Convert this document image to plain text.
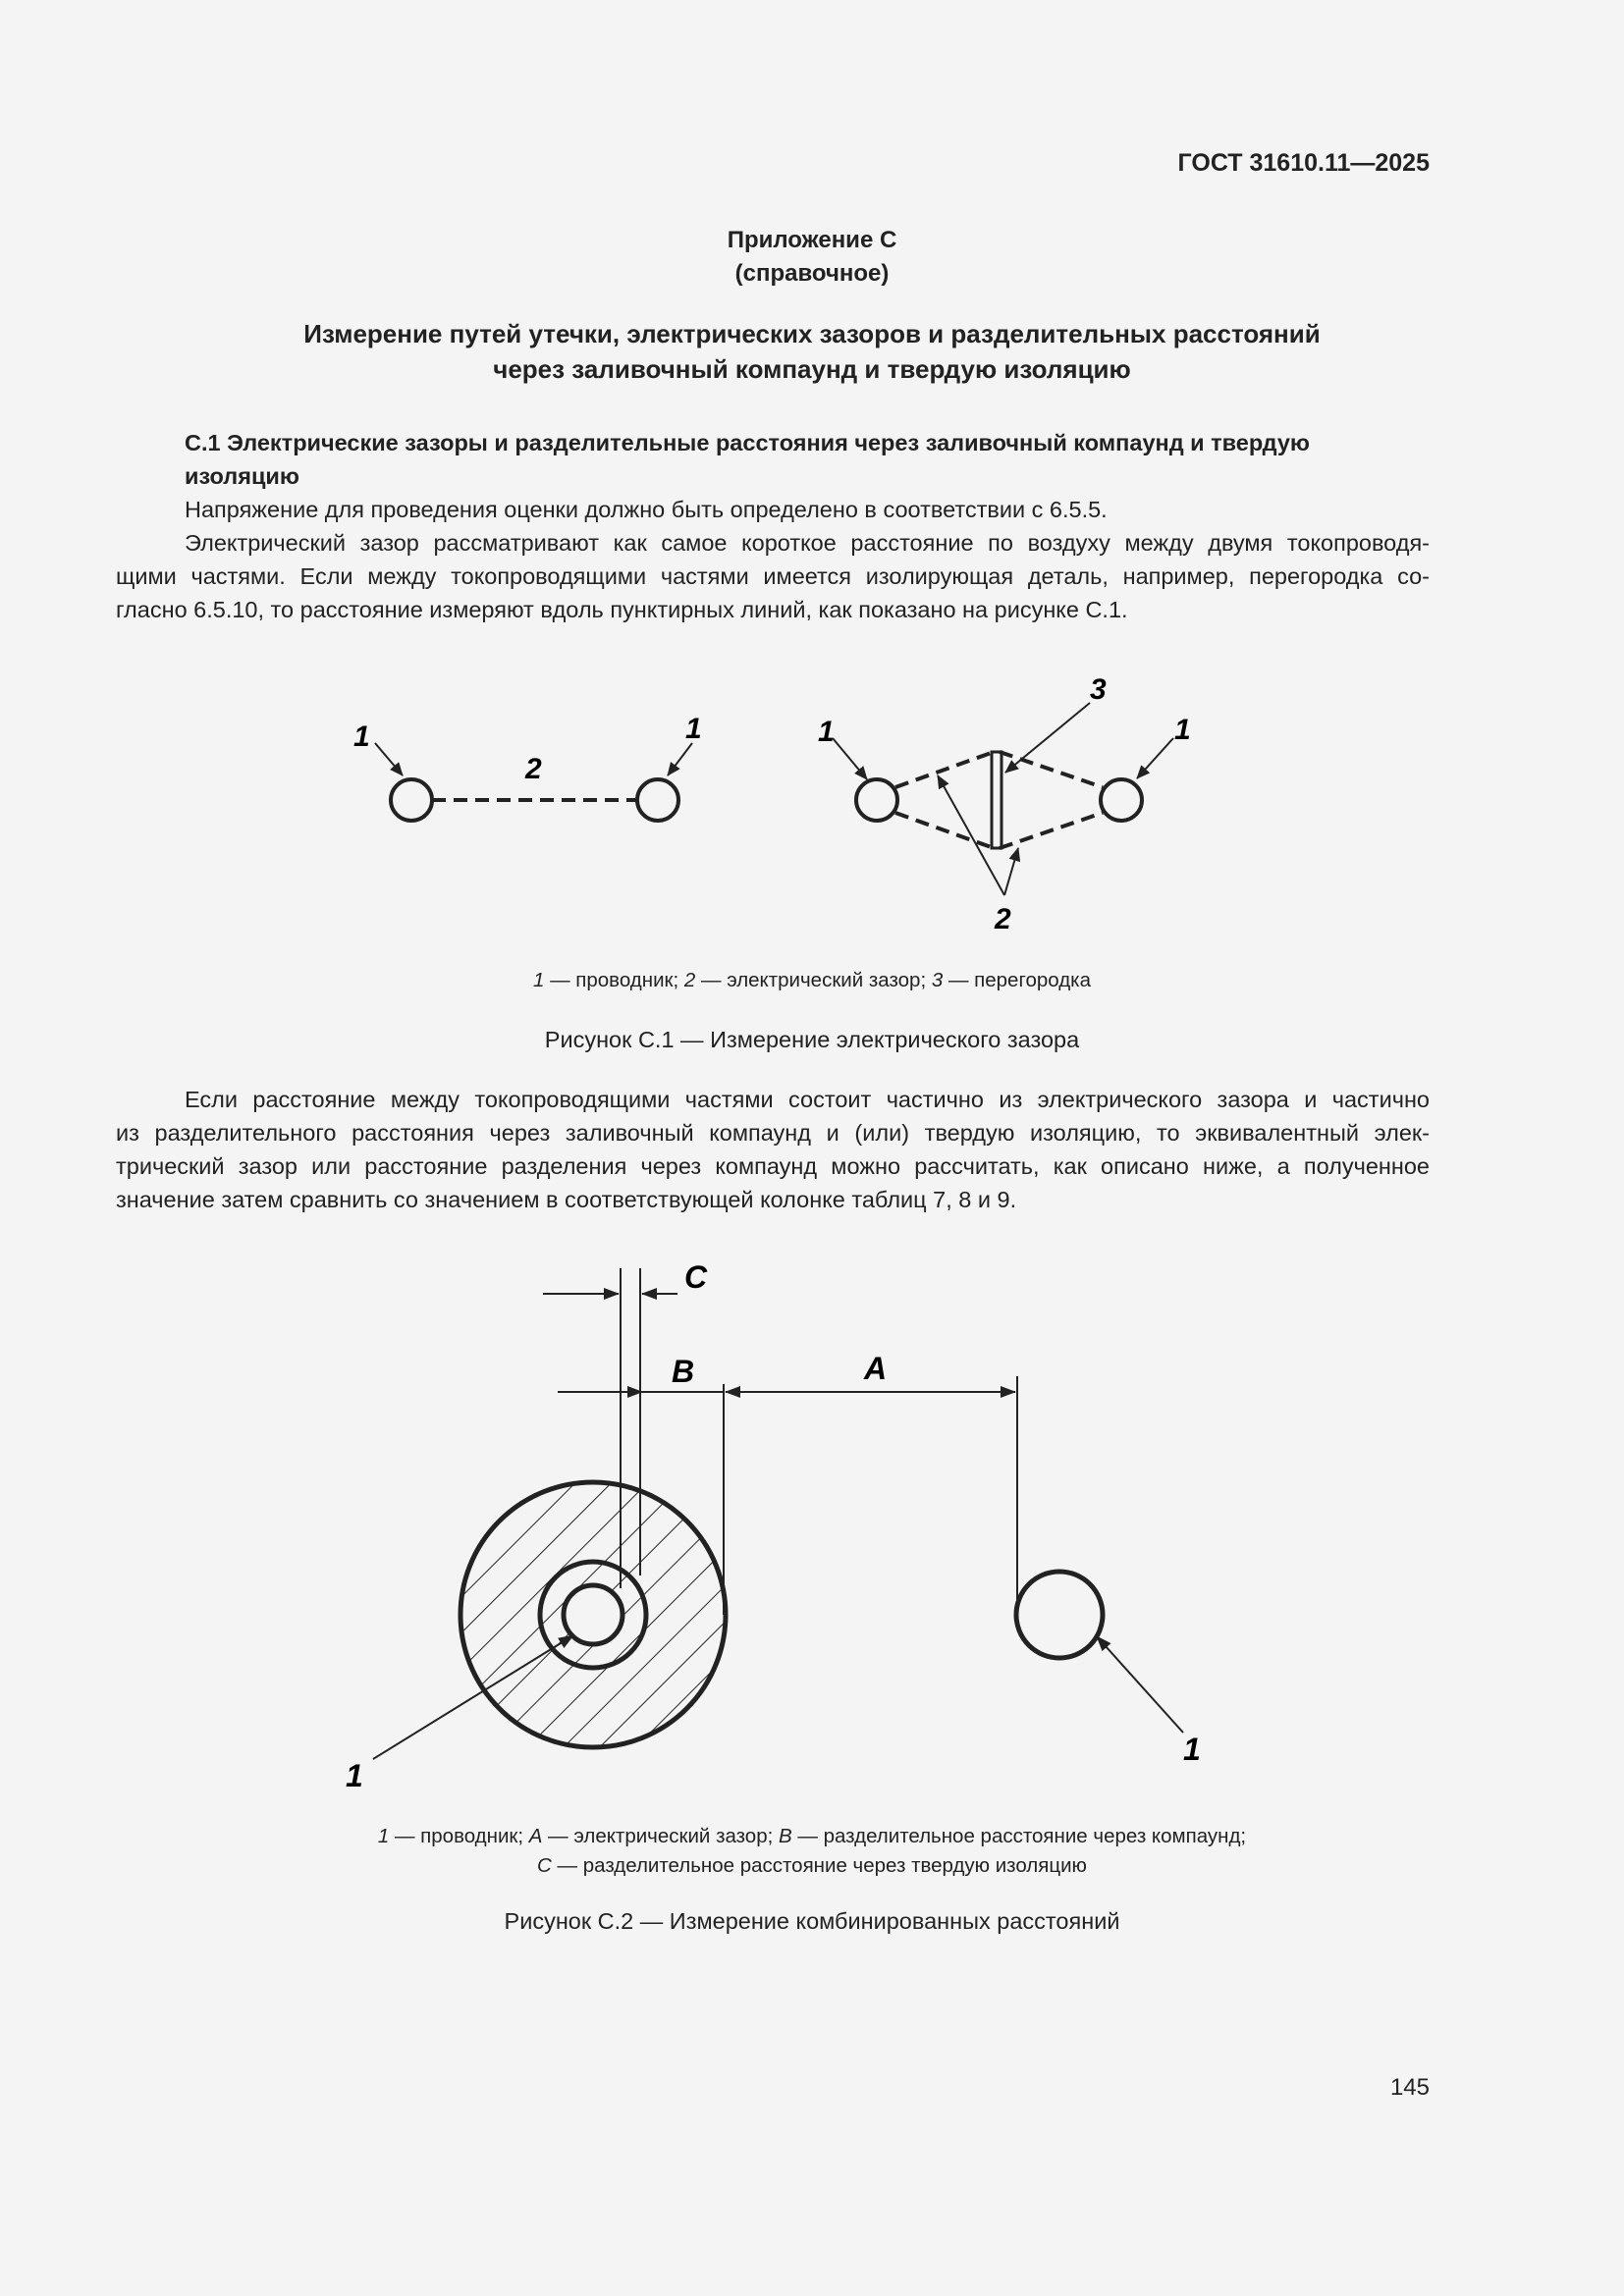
ГОСТ 31610.11—2025
Приложение С
(справочное)
Измерение путей утечки, электрических зазоров и разделительных расстояний
через заливочный компаунд и твердую изоляцию
С.1 Электрические зазоры и разделительные расстояния через заливочный компаунд и твердую
изоляцию
Напряжение для проведения оценки должно быть определено в соответствии с 6.5.5.
Электрический зазор рассматривают как самое короткое расстояние по воздуху между двумя токопроводя-
щими частями. Если между токопроводящими частями имеется изолирующая деталь, например, перегородка со-
гласно 6.5.10, то расстояние измеряют вдоль пунктирных линий, как показано на рисунке С.1.
1	1
2
1	1
3
2
1 — проводник; 2 — электрический зазор; 3 — перегородка
Рисунок С.1 — Измерение электрического зазора
Если расстояние между токопроводящими частями состоит частично из электрического зазора и частично
из разделительного расстояния через заливочный компаунд и (или) твердую изоляцию, то эквивалентный элек-
трический зазор или расстояние разделения через компаунд можно рассчитать, как описано ниже, а полученное
значение затем сравнить со значением в соответствующей колонке таблиц 7, 8 и 9.
C
B	A
1
1
1 — проводник; A — электрический зазор; B — разделительное расстояние через компаунд;
C — разделительное расстояние через твердую изоляцию
Рисунок С.2 — Измерение комбинированных расстояний
145
